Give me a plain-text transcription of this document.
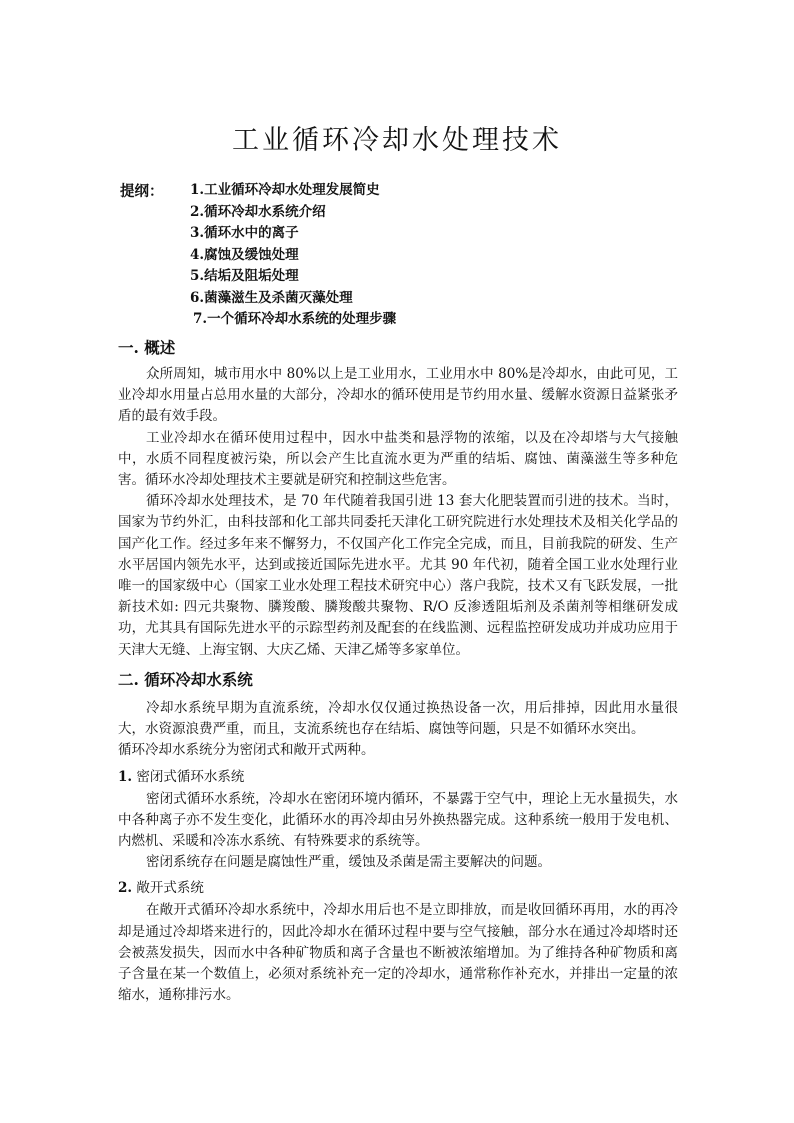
工业循环冷却水处理技术
提纲： 1.工业循环冷却水处理发展简史
2.循环冷却水系统介绍
3.循环水中的离子
4.腐蚀及缓蚀处理
5.结垢及阻垢处理
6.菌藻滋生及杀菌灭藻处理
7.一个循环冷却水系统的处理步骤
一. 概述

众所周知，城市用水中 80%以上是工业用水，工业用水中 80%是冷却水，由此可见，工业冷却水用量占总用水量的大部分，冷却水的循环使用是节约用水量、缓解水资源日益紧张矛盾的最有效手段。

工业冷却水在循环使用过程中，因水中盐类和悬浮物的浓缩，以及在冷却塔与大气接触中，水质不同程度被污染，所以会产生比直流水更为严重的结垢、腐蚀、菌藻滋生等多种危害。循环水冷却处理技术主要就是研究和控制这些危害。

循环冷却水处理技术，是 70 年代随着我国引进 13 套大化肥装置而引进的技术。当时，国家为节约外汇，由科技部和化工部共同委托天津化工研究院进行水处理技术及相关化学品的国产化工作。经过多年来不懈努力，不仅国产化工作完全完成，而且，目前我院的研发、生产水平居国内领先水平，达到或接近国际先进水平。尤其 90 年代初，随着全国工业水处理行业唯一的国家级中心（国家工业水处理工程技术研究中心）落户我院，技术又有飞跃发展，一批新技术如: 四元共聚物、膦羧酸、膦羧酸共聚物、R/O 反渗透阻垢剂及杀菌剂等相继研发成功，尤其具有国际先进水平的示踪型药剂及配套的在线监测、远程监控研发成功并成功应用于天津大无缝、上海宝钢、大庆乙烯、天津乙烯等多家单位。

二. 循环冷却水系统

冷却水系统早期为直流系统，冷却水仅仅通过换热设备一次，用后排掉，因此用水量很大，水资源浪费严重，而且，支流系统也存在结垢、腐蚀等问题，只是不如循环水突出。

循环冷却水系统分为密闭式和敞开式两种。

1. 密闭式循环水系统

密闭式循环水系统，冷却水在密闭环境内循环，不暴露于空气中，理论上无水量损失，水中各种离子亦不发生变化，此循环水的再冷却由另外换热器完成。这种系统一般用于发电机、内燃机、采暖和冷冻水系统、有特殊要求的系统等。

密闭系统存在问题是腐蚀性严重，缓蚀及杀菌是需主要解决的问题。

2. 敞开式系统

在敞开式循环冷却水系统中，冷却水用后也不是立即排放，而是收回循环再用，水的再冷却是通过冷却塔来进行的，因此冷却水在循环过程中要与空气接触，部分水在通过冷却塔时还会被蒸发损失，因而水中各种矿物质和离子含量也不断被浓缩增加。为了维持各种矿物质和离子含量在某一个数值上，必须对系统补充一定的冷却水，通常称作补充水，并排出一定量的浓缩水，通称排污水。
